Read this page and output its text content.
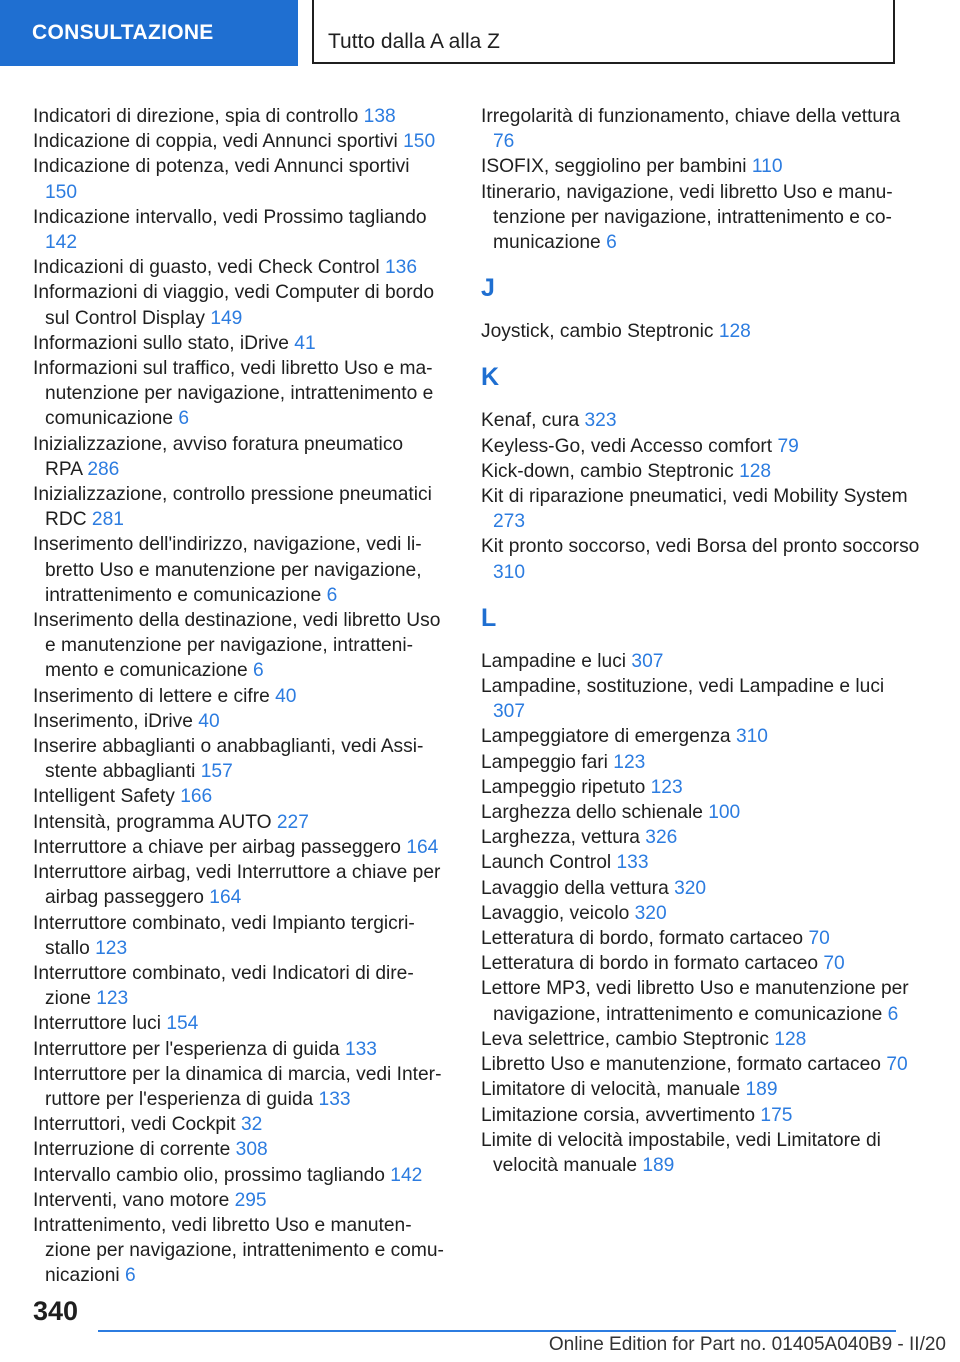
CONSULTAZIONE	Tutto dalla A alla Z

Indicatori di direzione, spia di controllo 138

Indicazione di coppia, vedi Annunci sportivi 150

Indicazione di potenza, vedi Annunci sportivi 150

Indicazione intervallo, vedi Prossimo tagliando 142

Indicazioni di guasto, vedi Check Control 136

Informazioni di viaggio, vedi Computer di bordo sul Control Display 149

Informazioni sullo stato, iDrive 41

Informazioni sul traffico, vedi libretto Uso e manutenzione per navigazione, intrattenimento e comunicazione 6

Inizializzazione, avviso foratura pneumatico RPA 286

Inizializzazione, controllo pressione pneumatici RDC 281

Inserimento dell'indirizzo, navigazione, vedi libretto Uso e manutenzione per navigazione, intrattenimento e comunicazione 6

Inserimento della destinazione, vedi libretto Uso e manutenzione per navigazione, intrattenimento e comunicazione 6

Inserimento di lettere e cifre 40

Inserimento, iDrive 40

Inserire abbaglianti o anabbaglianti, vedi Assistente abbaglianti 157

Intelligent Safety 166

Intensità, programma AUTO 227

Interruttore a chiave per airbag passeggero 164

Interruttore airbag, vedi Interruttore a chiave per airbag passeggero 164

Interruttore combinato, vedi Impianto tergicristallo 123

Interruttore combinato, vedi Indicatori di direzione 123

Interruttore luci 154

Interruttore per l'esperienza di guida 133

Interruttore per la dinamica di marcia, vedi Interruttore per l'esperienza di guida 133

Interruttori, vedi Cockpit 32

Interruzione di corrente 308

Intervallo cambio olio, prossimo tagliando 142

Interventi, vano motore 295

Intrattenimento, vedi libretto Uso e manutenzione per navigazione, intrattenimento e comunicazioni 6

Irregolarità di funzionamento, chiave della vettura 76

ISOFIX, seggiolino per bambini 110

Itinerario, navigazione, vedi libretto Uso e manutenzione per navigazione, intrattenimento e comunicazione 6

J

Joystick, cambio Steptronic 128

K

Kenaf, cura 323

Keyless-Go, vedi Accesso comfort 79

Kick-down, cambio Steptronic 128

Kit di riparazione pneumatici, vedi Mobility System 273

Kit pronto soccorso, vedi Borsa del pronto soccorso 310

L

Lampadine e luci 307

Lampadine, sostituzione, vedi Lampadine e luci 307

Lampeggiatore di emergenza 310

Lampeggio fari 123

Lampeggio ripetuto 123

Larghezza dello schienale 100

Larghezza, vettura 326

Launch Control 133

Lavaggio della vettura 320

Lavaggio, veicolo 320

Letteratura di bordo, formato cartaceo 70

Letteratura di bordo in formato cartaceo 70

Lettore MP3, vedi libretto Uso e manutenzione per navigazione, intrattenimento e comunicazione 6

Leva selettrice, cambio Steptronic 128

Libretto Uso e manutenzione, formato cartaceo 70

Limitatore di velocità, manuale 189

Limitazione corsia, avvertimento 175

Limite di velocità impostabile, vedi Limitatore di velocità manuale 189

340
Online Edition for Part no. 01405A040B9 - II/20
